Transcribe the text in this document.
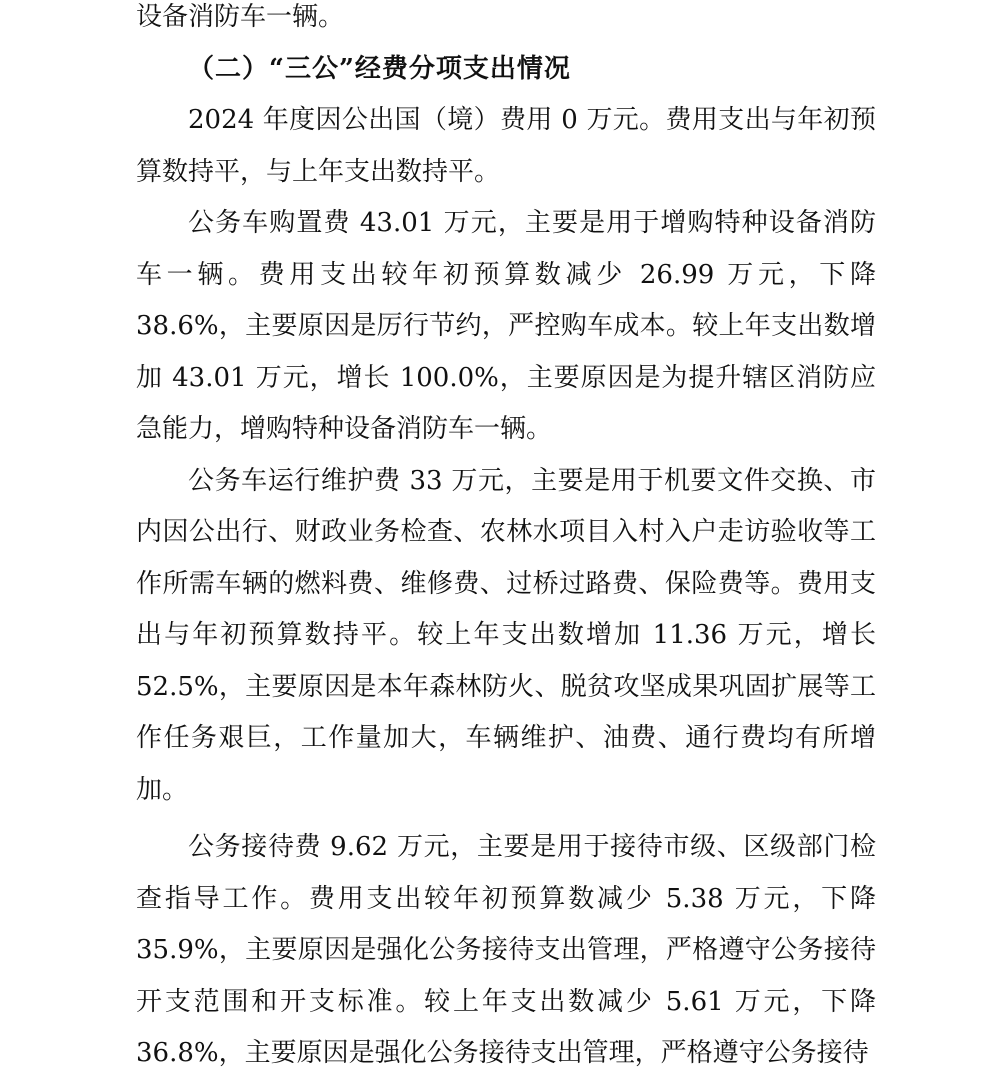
设备消防车一辆。

（二）“三公”经费分项支出情况

2024 年度因公出国（境）费用 0 万元。费用支出与年初预算数持平，与上年支出数持平。

公务车购置费 43.01 万元，主要是用于增购特种设备消防车一辆。费用支出较年初预算数减少 26.99 万元，下降 38.6%，主要原因是厉行节约，严控购车成本。较上年支出数增加 43.01 万元，增长 100.0%，主要原因是为提升辖区消防应急能力，增购特种设备消防车一辆。

公务车运行维护费 33 万元，主要是用于机要文件交换、市内因公出行、财政业务检查、农林水项目入村入户走访验收等工作所需车辆的燃料费、维修费、过桥过路费、保险费等。费用支出与年初预算数持平。较上年支出数增加 11.36 万元，增长 52.5%，主要原因是本年森林防火、脱贫攻坚成果巩固扩展等工作任务艰巨，工作量加大，车辆维护、油费、通行费均有所增加。

公务接待费 9.62 万元，主要是用于接待市级、区级部门检查指导工作。费用支出较年初预算数减少 5.38 万元，下降 35.9%，主要原因是强化公务接待支出管理，严格遵守公务接待开支范围和开支标准。较上年支出数减少 5.61 万元，下降 36.8%，主要原因是强化公务接待支出管理，严格遵守公务接待
